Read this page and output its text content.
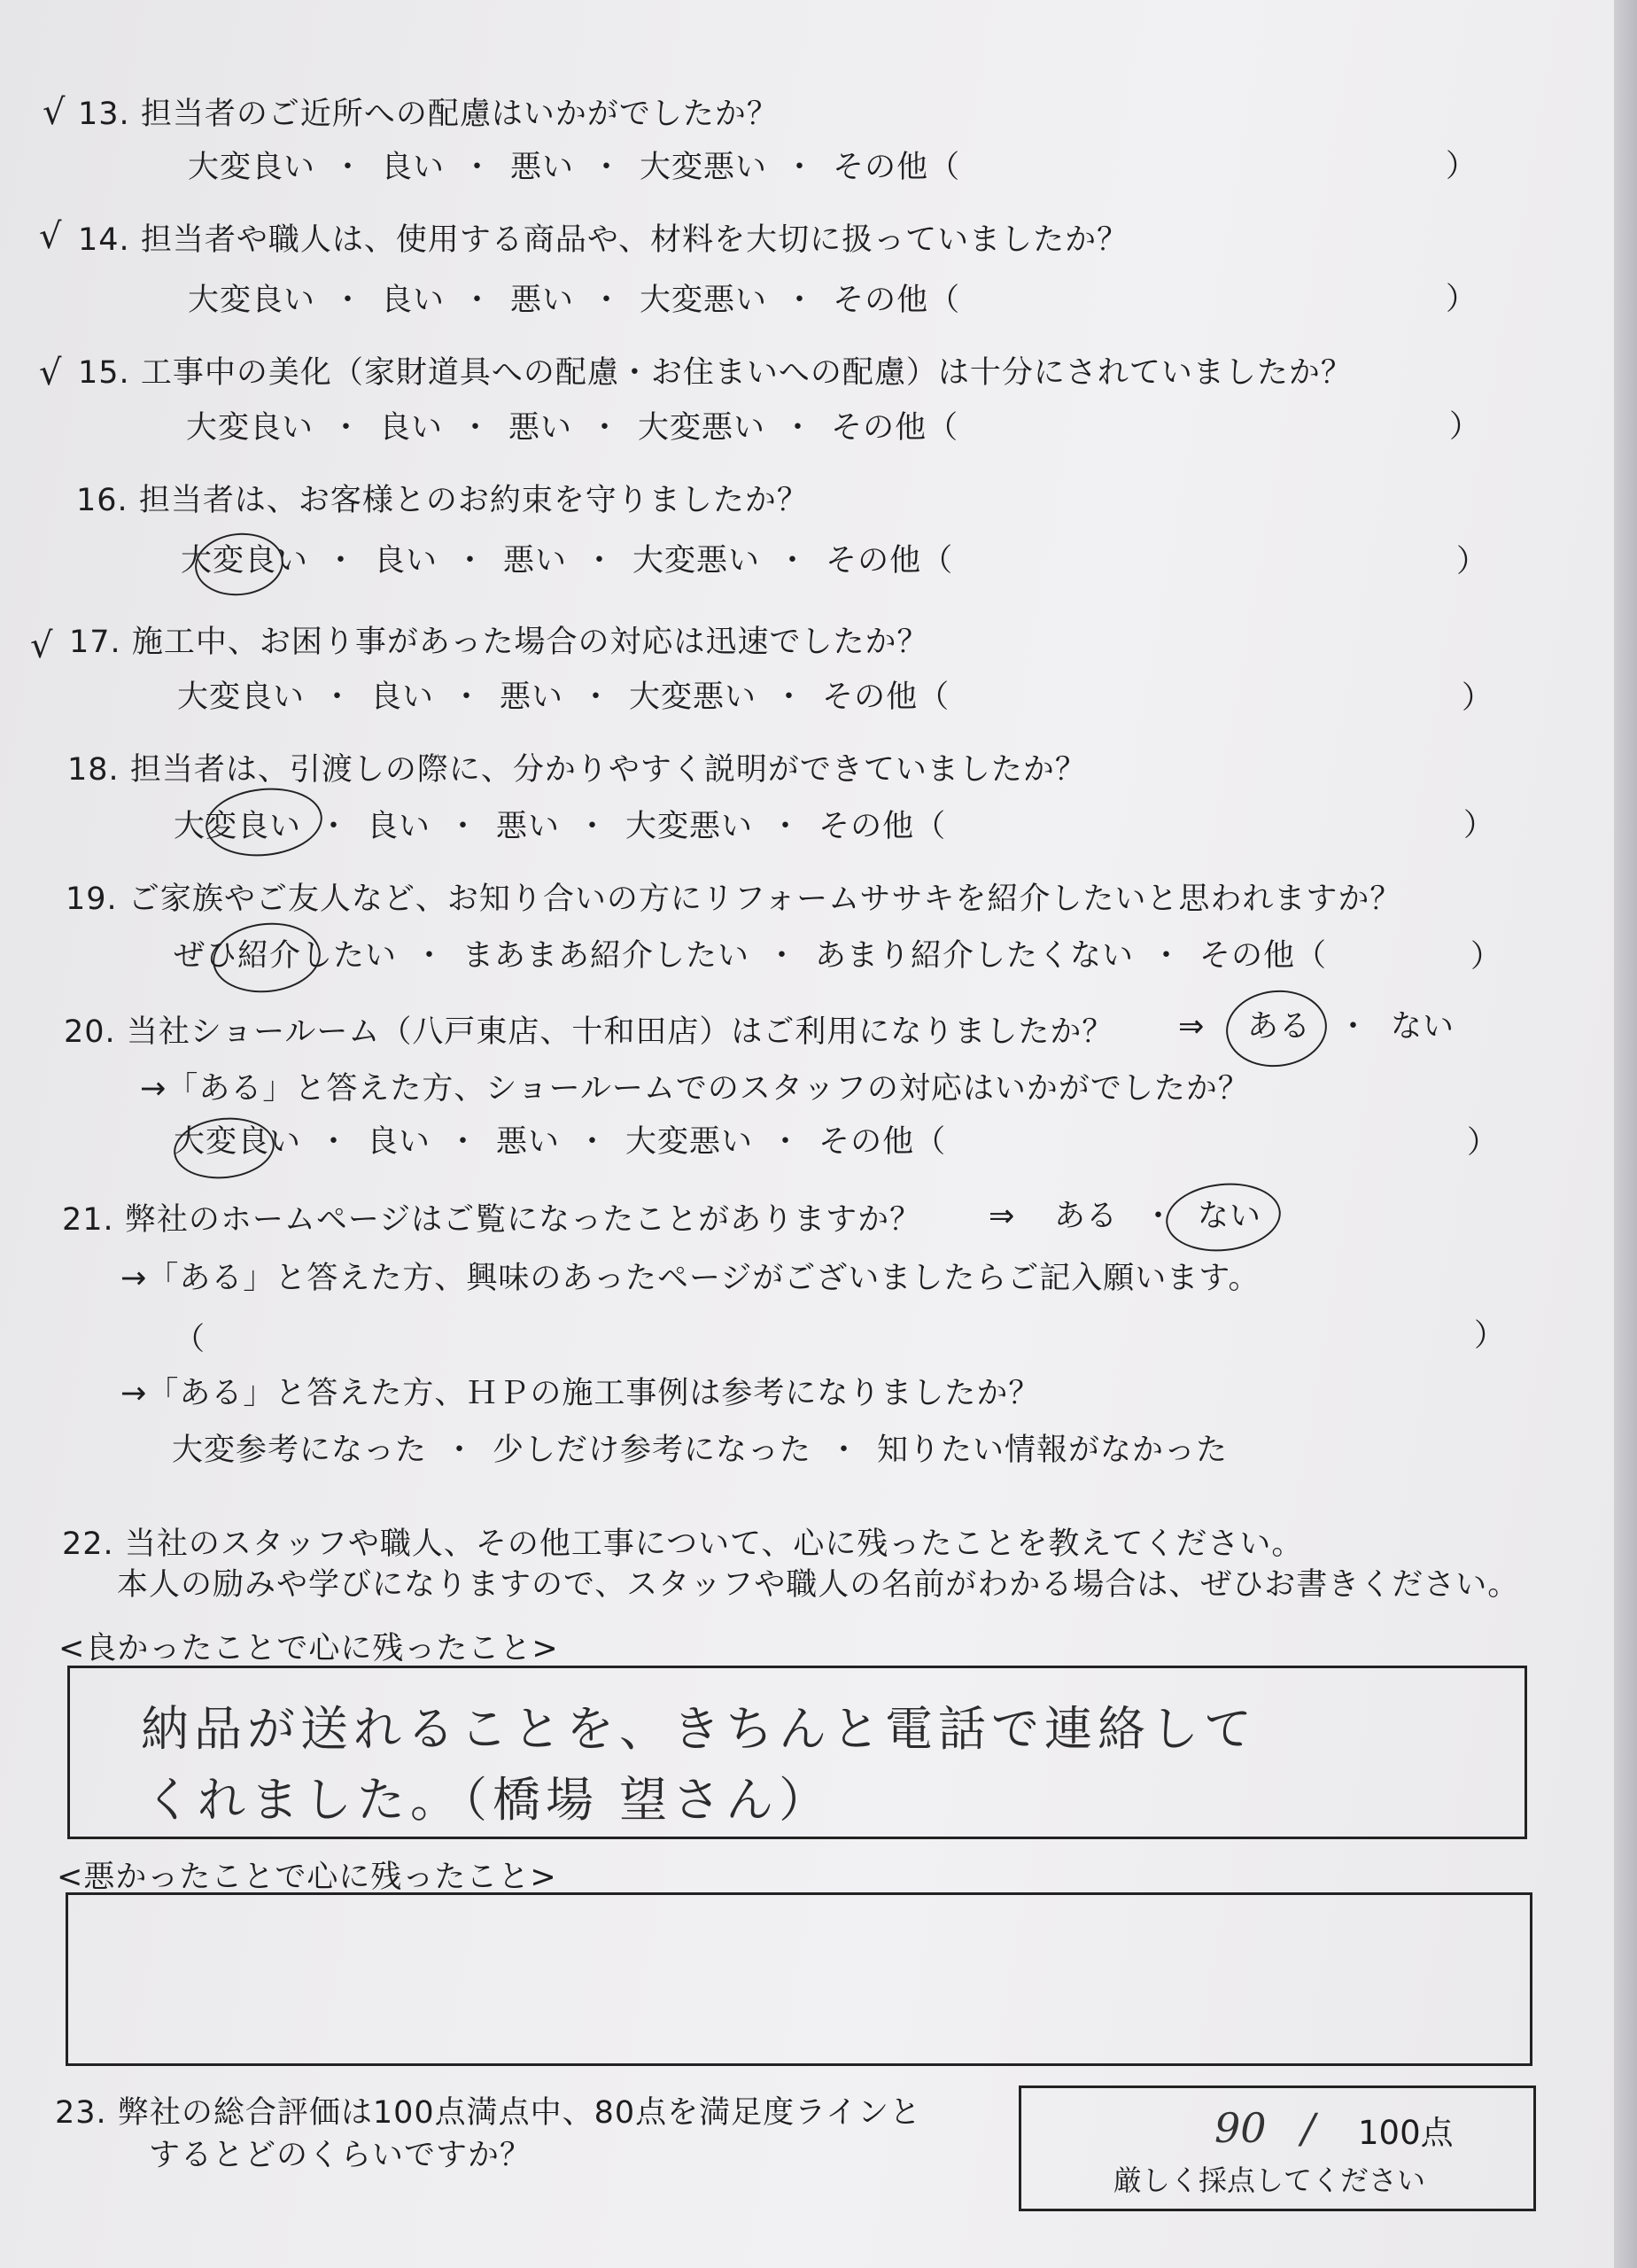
√ 13. 担当者のご近所への配慮はいかがでしたか？
大変良い ・ 良い ・ 悪い ・ 大変悪い ・ その他（	）
√ 14. 担当者や職人は、使用する商品や、材料を大切に扱っていましたか？
大変良い ・ 良い ・ 悪い ・ 大変悪い ・ その他（	）
√ 15. 工事中の美化（家財道具への配慮・お住まいへの配慮）は十分にされていましたか？
大変良い ・ 良い ・ 悪い ・ 大変悪い ・ その他（	）
16. 担当者は、お客様とのお約束を守りましたか？
大変良い ・ 良い ・ 悪い ・ 大変悪い ・ その他（	）
√ 17. 施工中、お困り事があった場合の対応は迅速でしたか？
大変良い ・ 良い ・ 悪い ・ 大変悪い ・ その他（	）
18. 担当者は、引渡しの際に、分かりやすく説明ができていましたか？
大変良い ・ 良い ・ 悪い ・ 大変悪い ・ その他（	）
19. ご家族やご友人など、お知り合いの方にリフォームササキを紹介したいと思われますか？
ぜひ紹介したい ・ まあまあ紹介したい ・ あまり紹介したくない ・ その他（	）
20. 当社ショールーム（八戸東店、十和田店）はご利用になりましたか？ ⇒ ある ・ ない
→「ある」と答えた方、ショールームでのスタッフの対応はいかがでしたか？
大変良い ・ 良い ・ 悪い ・ 大変悪い ・ その他（	）
21. 弊社のホームページはご覧になったことがありますか？ ⇒ ある ・ ない
→「ある」と答えた方、興味のあったページがございましたらご記入願います。
（	）
→「ある」と答えた方、ＨＰの施工事例は参考になりましたか？
大変参考になった ・ 少しだけ参考になった ・ 知りたい情報がなかった
22. 当社のスタッフや職人、その他工事について、心に残ったことを教えてください。
本人の励みや学びになりますので、スタッフや職人の名前がわかる場合は、ぜひお書きください。
<良かったことで心に残ったこと>
納品が送れることを、きちんと電話で連絡して
くれました。（橋場 望さん）
<悪かったことで心に残ったこと>
23. 弊社の総合評価は100点満点中、80点を満足度ラインと
するとどのくらいですか？
90 / 100点
厳しく採点してください
